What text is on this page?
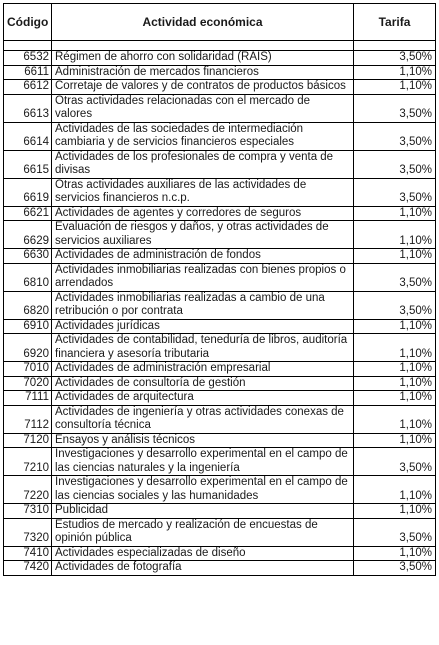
Código	Actividad económica	Tarifa

6532	Régimen de ahorro con solidaridad (RAIS)	3,50%
6611	Administración de mercados financieros	1,10%
6612	Corretaje de valores y de contratos de productos básicos	1,10%
6613	Otras actividades relacionadas con el mercado de valores	3,50%
6614	Actividades de las sociedades de intermediación cambiaria y de servicios financieros especiales	3,50%
6615	Actividades de los profesionales de compra y venta de divisas	3,50%
6619	Otras actividades auxiliares de las actividades de servicios financieros n.c.p.	3,50%
6621	Actividades de agentes y corredores de seguros	1,10%
6629	Evaluación de riesgos y daños, y otras actividades de servicios auxiliares	1,10%
6630	Actividades de administración de fondos	1,10%
6810	Actividades inmobiliarias realizadas con bienes propios o arrendados	3,50%
6820	Actividades inmobiliarias realizadas a cambio de una retribución o por contrata	3,50%
6910	Actividades jurídicas	1,10%
6920	Actividades de contabilidad, teneduría de libros, auditoría financiera y asesoría tributaria	1,10%
7010	Actividades de administración empresarial	1,10%
7020	Actividades de consultoría de gestión	1,10%
7111	Actividades de arquitectura	1,10%
7112	Actividades de ingeniería y otras actividades conexas de consultoría técnica	1,10%
7120	Ensayos y análisis técnicos	1,10%
7210	Investigaciones y desarrollo experimental en el campo de las ciencias naturales y la ingeniería	3,50%
7220	Investigaciones y desarrollo experimental en el campo de las ciencias sociales y las humanidades	1,10%
7310	Publicidad	1,10%
7320	Estudios de mercado y realización de encuestas de opinión pública	3,50%
7410	Actividades especializadas de diseño	1,10%
7420	Actividades de fotografía	3,50%
